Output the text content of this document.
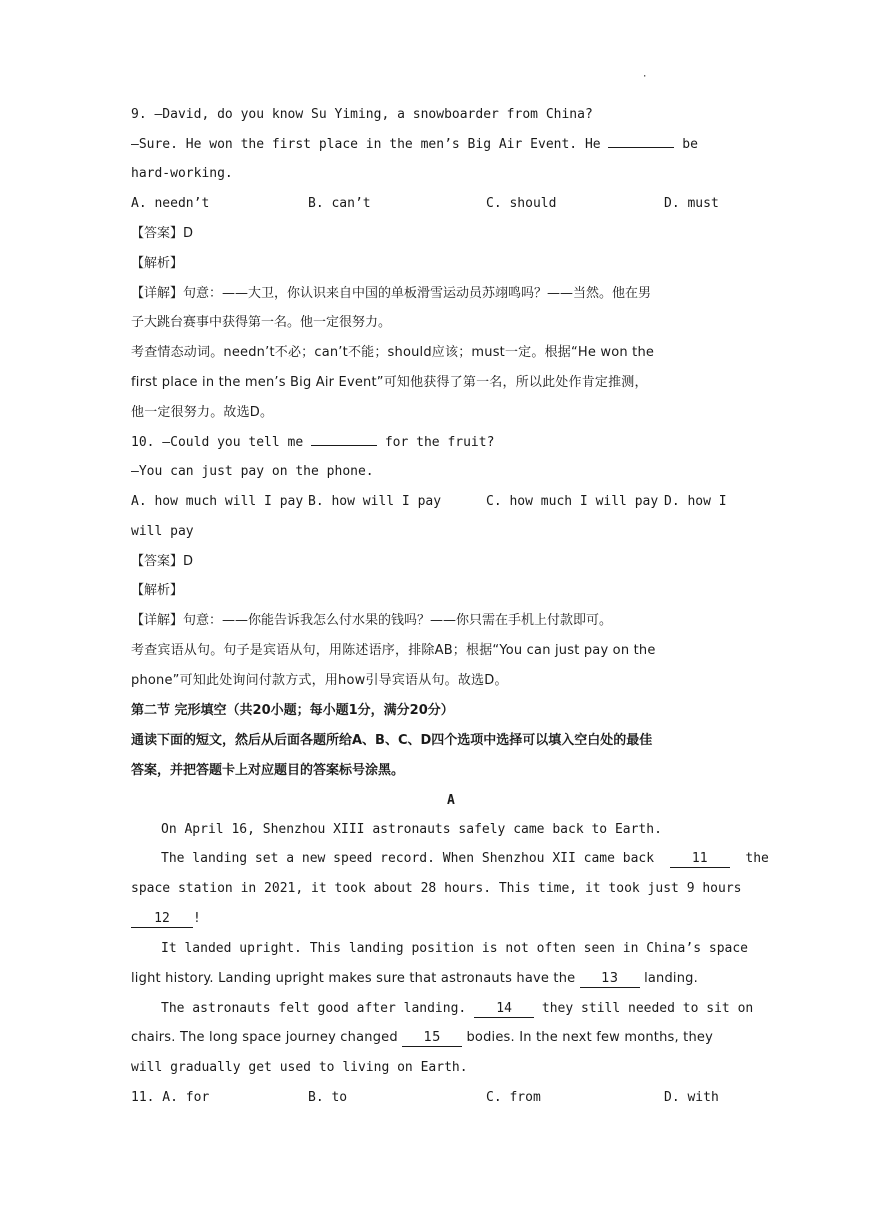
·
9. —David, do you know Su Yiming, a snowboarder from China?
—Sure. He won the first place in the men’s Big Air Event. He	be
hard-working.
A. needn’t	B. can’t	C. should	D. must
【答案】D
【解析】
【详解】句意：——大卫，你认识来自中国的单板滑雪运动员苏翊鸣吗？——当然。他在男
子大跳台赛事中获得第一名。他一定很努力。
考查情态动词。needn’t不必；can’t不能；should应该；must一定。根据“He won the
first place in the men’s Big Air Event”可知他获得了第一名，所以此处作肯定推测，
他一定很努力。故选D。
10. —Could you tell me	for the fruit?
—You can just pay on the phone.
A. how much will I pay B. how will I pay	C. how much I will pay D. how I
will pay
【答案】D
【解析】
【详解】句意：——你能告诉我怎么付水果的钱吗？——你只需在手机上付款即可。
考查宾语从句。句子是宾语从句，用陈述语序，排除AB；根据“You can just pay on the
phone”可知此处询问付款方式，用how引导宾语从句。故选D。
第二节 完形填空（共20小题；每小题1分，满分20分）
通读下面的短文，然后从后面各题所给A、B、C、D四个选项中选择可以填入空白处的最佳
答案，并把答题卡上对应题目的答案标号涂黑。
A
On April 16, Shenzhou XIII astronauts safely came back to Earth.
The landing set a new speed record. When Shenzhou XII came back	11	the
space station in 2021, it took about 28 hours. This time, it took just 9 hours
12 !
It landed upright. This landing position is not often seen in China’s space
light history. Landing upright makes sure that astronauts have the 13 landing.
The astronauts felt good after landing. 14 they still needed to sit on
chairs. The long space journey changed 15 bodies. In the next few months, they
will gradually get used to living on Earth.
11. A. for	B. to	C. from	D. with
